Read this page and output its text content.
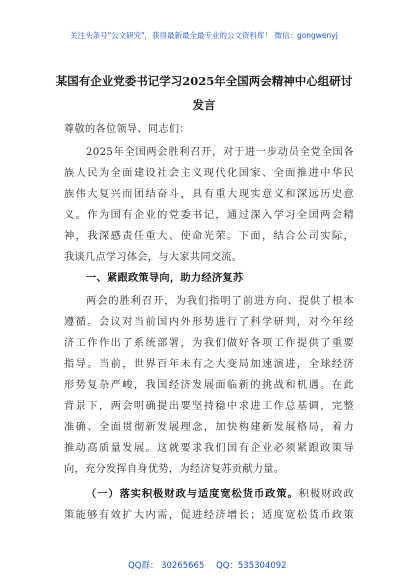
关注头条号"公文研究"，获得最新最全最专业的公文资料库！ 微信：gongwenyj
某国有企业党委书记学习2025年全国两会精神中心组研讨
发言
尊敬的各位领导、同志们：
2025年全国两会胜利召开，对于进一步动员全党全国各
族人民为全面建设社会主义现代化国家、全面推进中华民
族伟大复兴而团结奋斗，具有重大现实意义和深远历史意
义。作为国有企业的党委书记，通过深入学习全国两会精
神，我深感责任重大、使命光荣。下面，结合公司实际，
我谈几点学习体会，与大家共同交流。
一、紧跟政策导向，助力经济复苏
两会的胜利召开，为我们指明了前进方向、提供了根本
遵循。会议对当前国内外形势进行了科学研判，对今年经
济工作作出了系统部署，为我们做好各项工作提供了重要
指导。当前，世界百年未有之大变局加速演进，全球经济
形势复杂严峻，我国经济发展面临新的挑战和机遇。在此
背景下，两会明确提出要坚持稳中求进工作总基调，完整
准确、全面贯彻新发展理念，加快构建新发展格局，着力
推动高质量发展。这就要求我们国有企业必须紧跟政策导
向，充分发挥自身优势，为经济复苏贡献力量。
（一）落实积极财政与适度宽松货币政策。积极财政政
策能够有效扩大内需，促进经济增长；适度宽松货币政策
QQ群： 30265665 QQ：535304092
